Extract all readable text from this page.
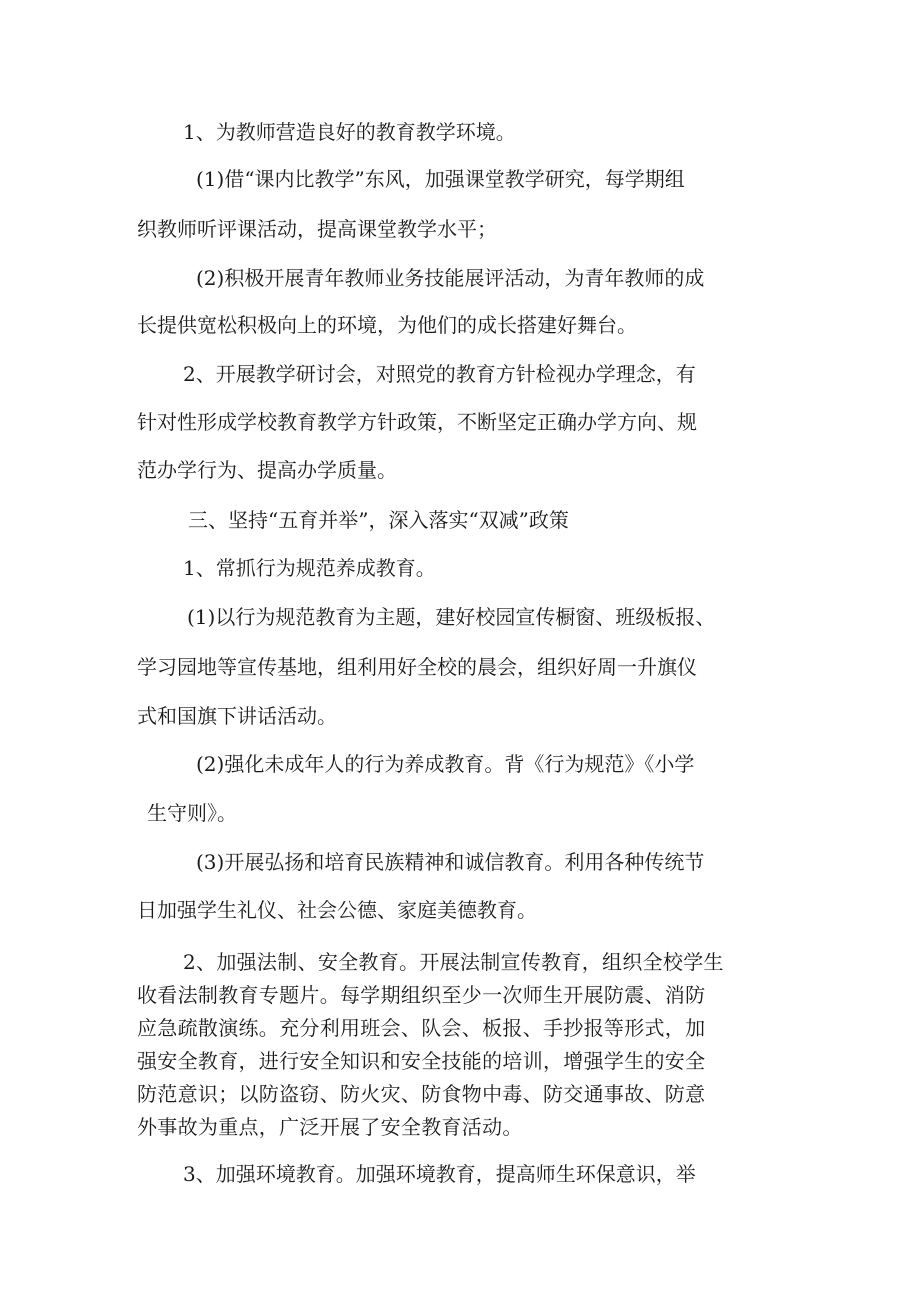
1、为教师营造良好的教育教学环境。
(1)借“课内比教学”东风，加强课堂教学研究，每学期组
织教师听评课活动，提高课堂教学水平；
(2)积极开展青年教师业务技能展评活动，为青年教师的成
长提供宽松积极向上的环境，为他们的成长搭建好舞台。
2、开展教学研讨会，对照党的教育方针检视办学理念，有
针对性形成学校教育教学方针政策，不断坚定正确办学方向、规
范办学行为、提高办学质量。
三、坚持“五育并举”，深入落实“双减”政策
1、常抓行为规范养成教育。
(1)以行为规范教育为主题，建好校园宣传橱窗、班级板报、
学习园地等宣传基地，组利用好全校的晨会，组织好周一升旗仪
式和国旗下讲话活动。
(2)强化未成年人的行为养成教育。背《行为规范》《小学
生守则》。
(3)开展弘扬和培育民族精神和诚信教育。利用各种传统节
日加强学生礼仪、社会公德、家庭美德教育。
2、加强法制、安全教育。开展法制宣传教育，组织全校学生
收看法制教育专题片。每学期组织至少一次师生开展防震、消防
应急疏散演练。充分利用班会、队会、板报、手抄报等形式，加
强安全教育，进行安全知识和安全技能的培训，增强学生的安全
防范意识；以防盗窃、防火灾、防食物中毒、防交通事故、防意
外事故为重点，广泛开展了安全教育活动。
3、加强环境教育。加强环境教育，提高师生环保意识，举
